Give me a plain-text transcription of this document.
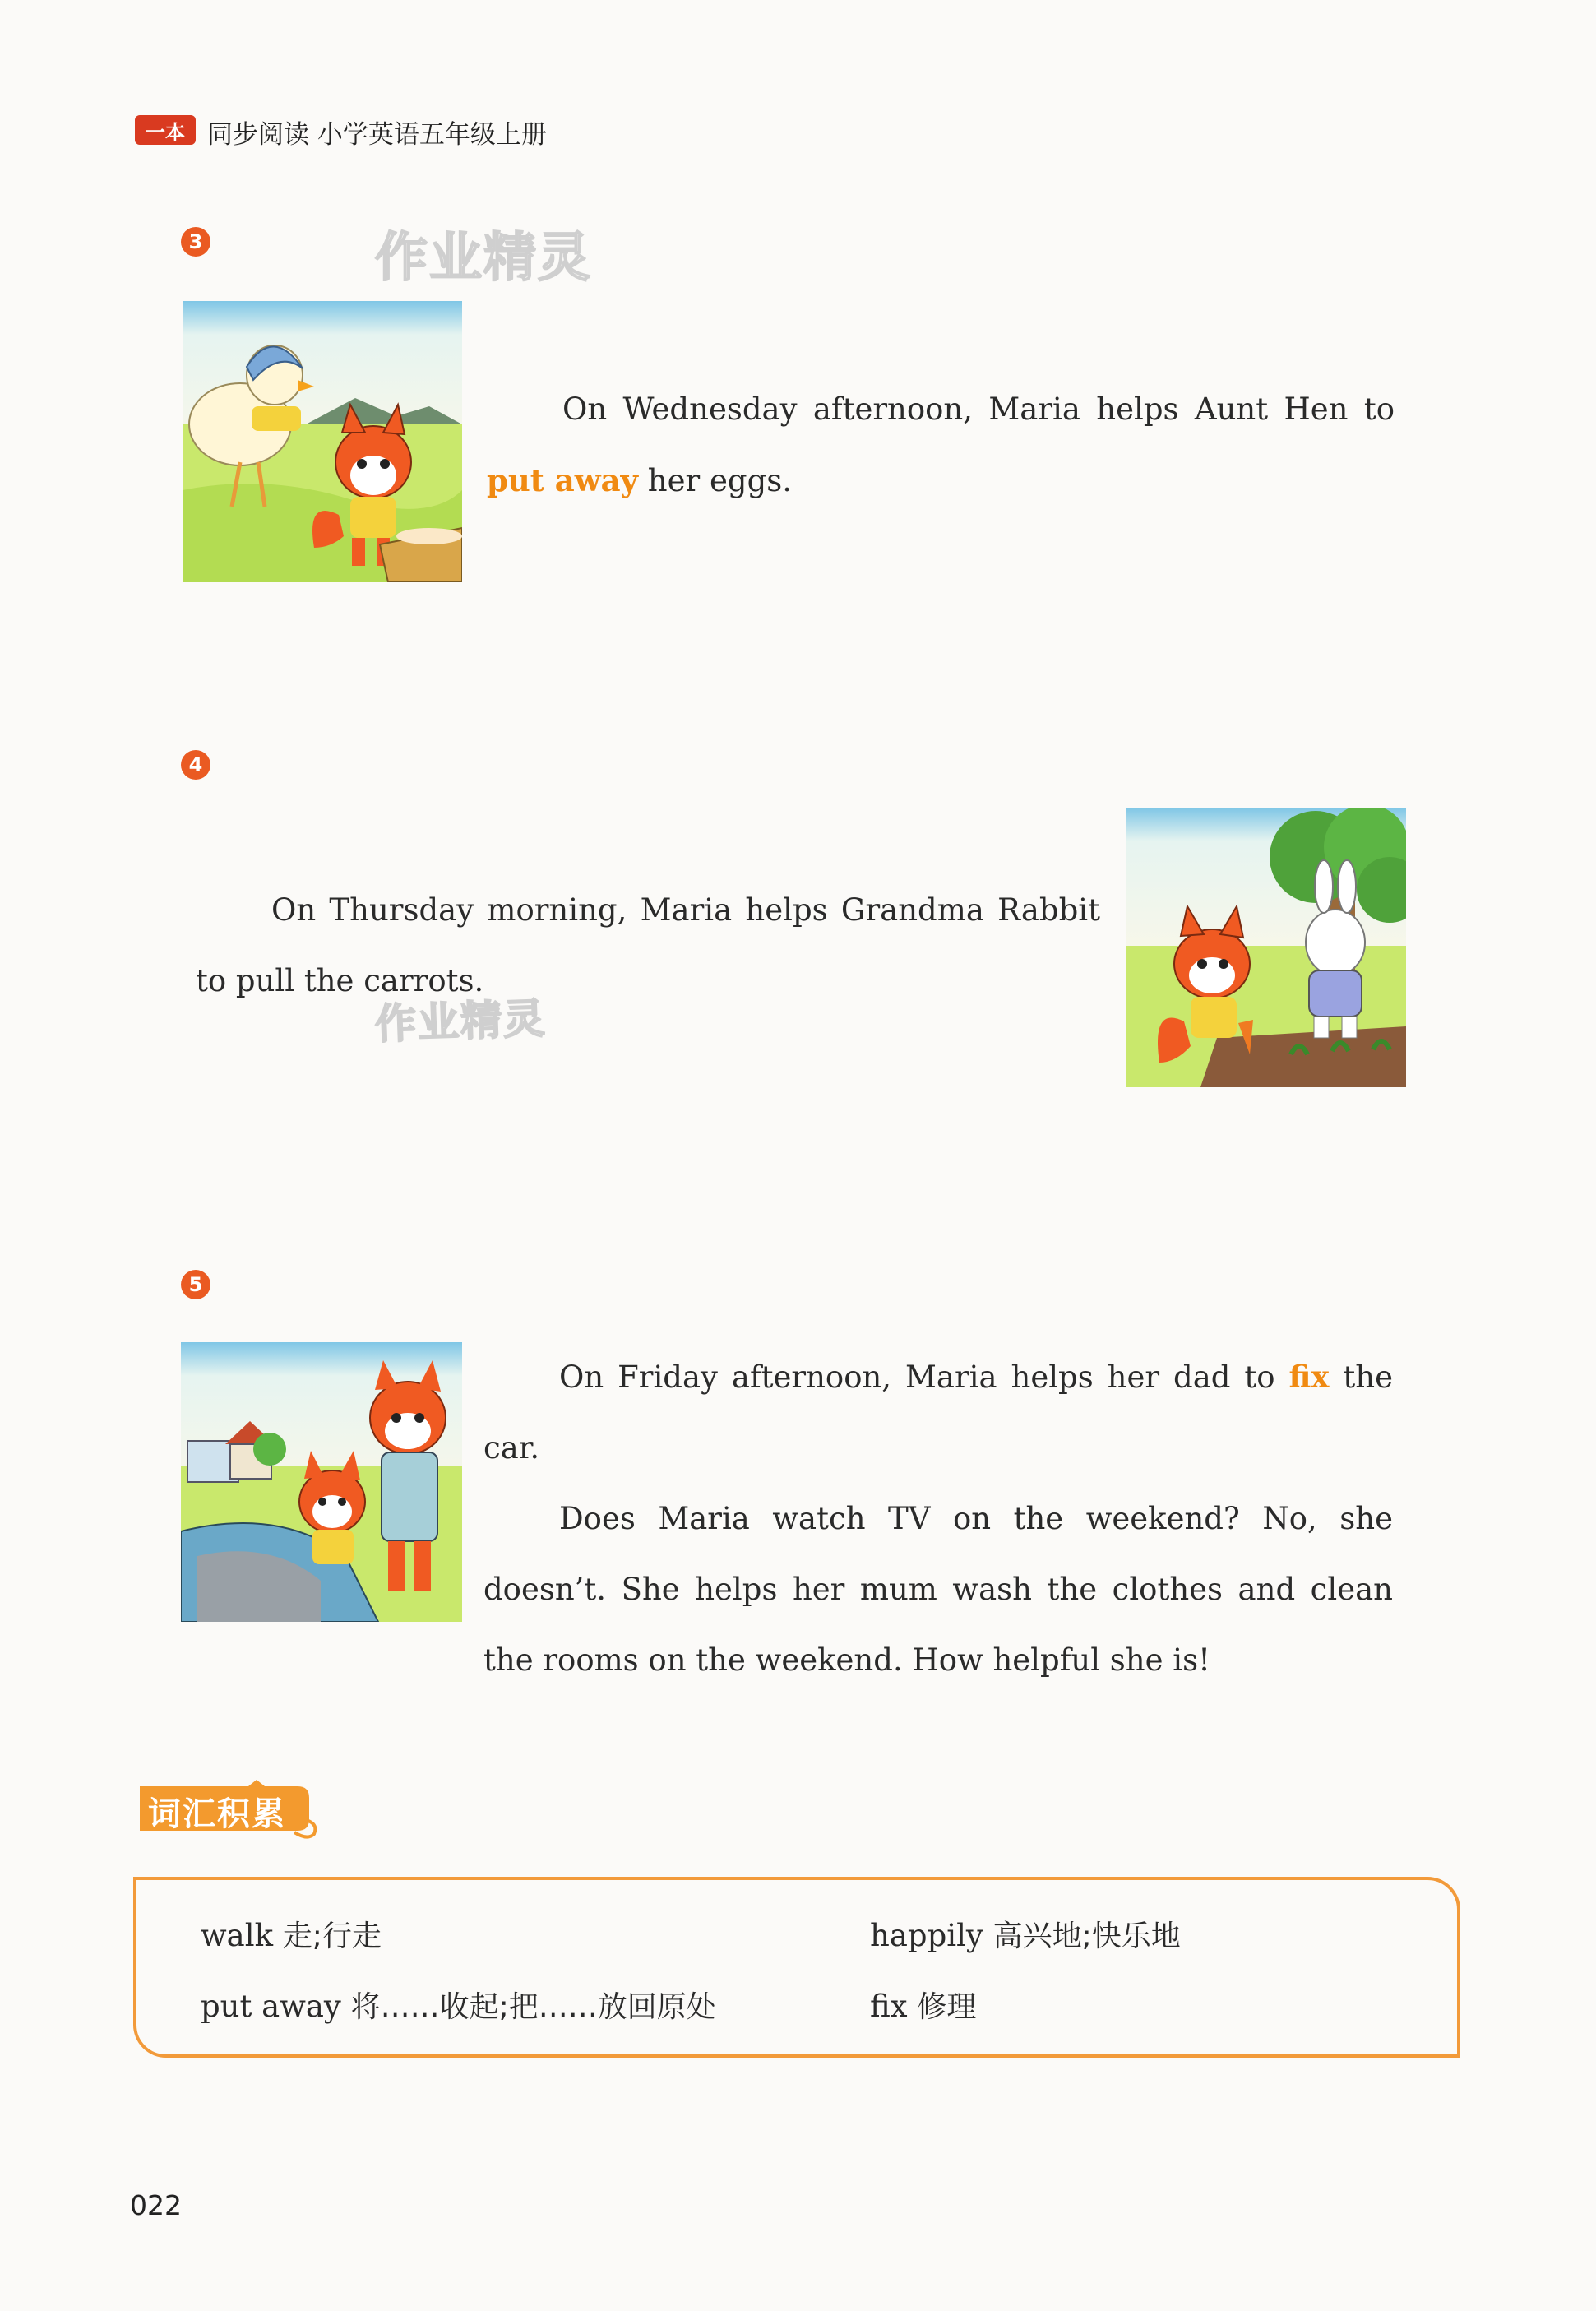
一本 同步阅读 小学英语五年级上册
3	作业精灵

On Wednesday afternoon, Maria helps Aunt Hen to put away her eggs.

4

On Thursday morning, Maria helps Grandma Rabbit to pull the carrots.

作业精灵
5

On Friday afternoon, Maria helps her dad to fix the car.

Does Maria watch TV on the weekend? No, she doesn’t. She helps her mum wash the clothes and clean the rooms on the weekend. How helpful she is!

词汇积累
walk 走;行走	happily 高兴地;快乐地
put away 将……收起;把……放回原处	fix 修理
022
